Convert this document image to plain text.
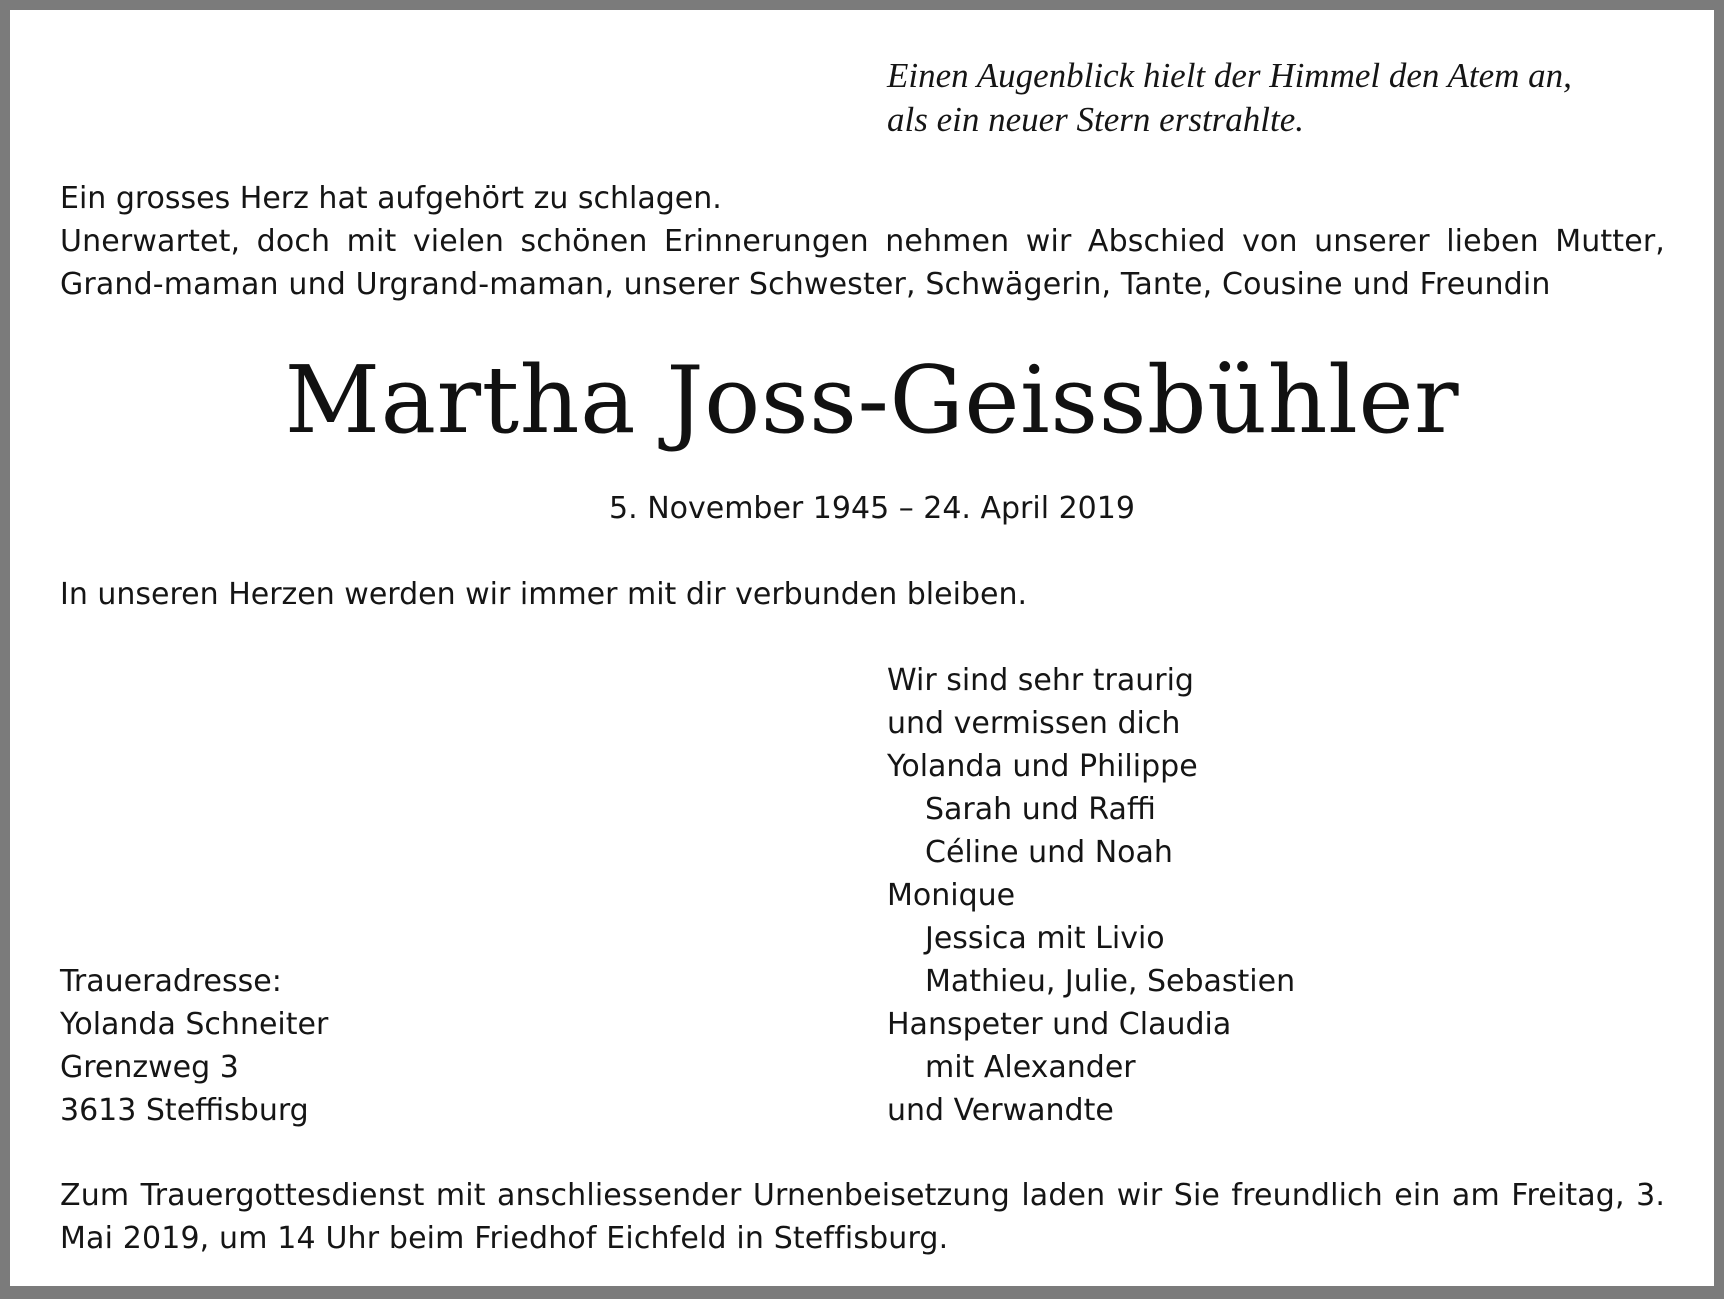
Einen Augenblick hielt der Himmel den Atem an,
als ein neuer Stern erstrahlte.
Ein grosses Herz hat aufgehört zu schlagen.
Unerwartet, doch mit vielen schönen Erinnerungen nehmen wir Abschied von unserer lieben Mutter, Grand-maman und Urgrand-maman, unserer Schwester, Schwägerin, Tante, Cousine und Freundin
Martha Joss-Geissbühler
5. November 1945 – 24. April 2019
In unseren Herzen werden wir immer mit dir verbunden bleiben.
Wir sind sehr traurig
und vermissen dich
Yolanda und Philippe
Sarah und Raffi
Céline und Noah
Monique
Jessica mit Livio
Mathieu, Julie, Sebastien
Hanspeter und Claudia
mit Alexander
und Verwandte
Traueradresse:
Yolanda Schneiter
Grenzweg 3
3613 Steffisburg
Zum Trauergottesdienst mit anschliessender Urnenbeisetzung laden wir Sie freundlich ein am Freitag, 3. Mai 2019, um 14 Uhr beim Friedhof Eichfeld in Steffisburg.
